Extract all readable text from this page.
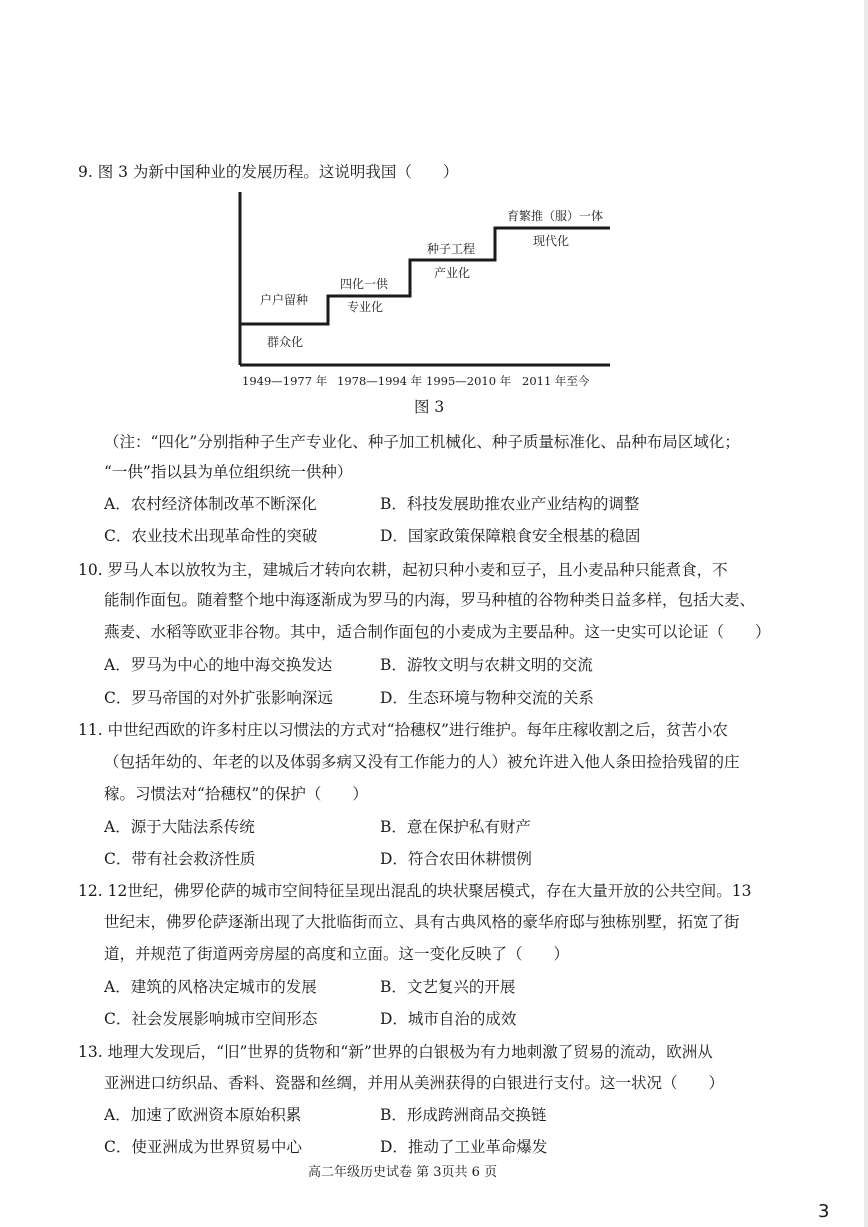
9. 图 3 为新中国种业的发展历程。这说明我国（　　）
户户留种
群众化
四化一供
专业化
种子工程
产业化
育繁推（服）一体
现代化
1949—1977 年 1978—1994 年 1995—2010 年 2011 年至今
图 3
（注：“四化”分别指种子生产专业化、种子加工机械化、种子质量标准化、品种布局区域化；
“一供”指以县为单位组织统一供种）
A．农村经济体制改革不断深化	B．科技发展助推农业产业结构的调整
C．农业技术出现革命性的突破	D．国家政策保障粮食安全根基的稳固
10. 罗马人本以放牧为主，建城后才转向农耕，起初只种小麦和豆子，且小麦品种只能煮食，不
能制作面包。随着整个地中海逐渐成为罗马的内海，罗马种植的谷物种类日益多样，包括大麦、
燕麦、水稻等欧亚非谷物。其中，适合制作面包的小麦成为主要品种。这一史实可以论证（　　）
A．罗马为中心的地中海交换发达	B．游牧文明与农耕文明的交流
C．罗马帝国的对外扩张影响深远	D．生态环境与物种交流的关系
11. 中世纪西欧的许多村庄以习惯法的方式对“拾穗权”进行维护。每年庄稼收割之后，贫苦小农
（包括年幼的、年老的以及体弱多病又没有工作能力的人）被允许进入他人条田捡拾残留的庄
稼。习惯法对“拾穗权”的保护（　　）
A．源于大陆法系传统	B．意在保护私有财产
C．带有社会救济性质	D．符合农田休耕惯例
12. 12世纪，佛罗伦萨的城市空间特征呈现出混乱的块状聚居模式，存在大量开放的公共空间。13
世纪末，佛罗伦萨逐渐出现了大批临街而立、具有古典风格的豪华府邸与独栋别墅，拓宽了街
道，并规范了街道两旁房屋的高度和立面。这一变化反映了（　　）
A．建筑的风格决定城市的发展	B．文艺复兴的开展
C．社会发展影响城市空间形态	D．城市自治的成效
13. 地理大发现后，“旧”世界的货物和“新”世界的白银极为有力地刺激了贸易的流动，欧洲从
亚洲进口纺织品、香料、瓷器和丝绸，并用从美洲获得的白银进行支付。这一状况（　　）
A．加速了欧洲资本原始积累	B．形成跨洲商品交换链
C．使亚洲成为世界贸易中心	D．推动了工业革命爆发
高二年级历史试卷 第 3页共 6 页
3
